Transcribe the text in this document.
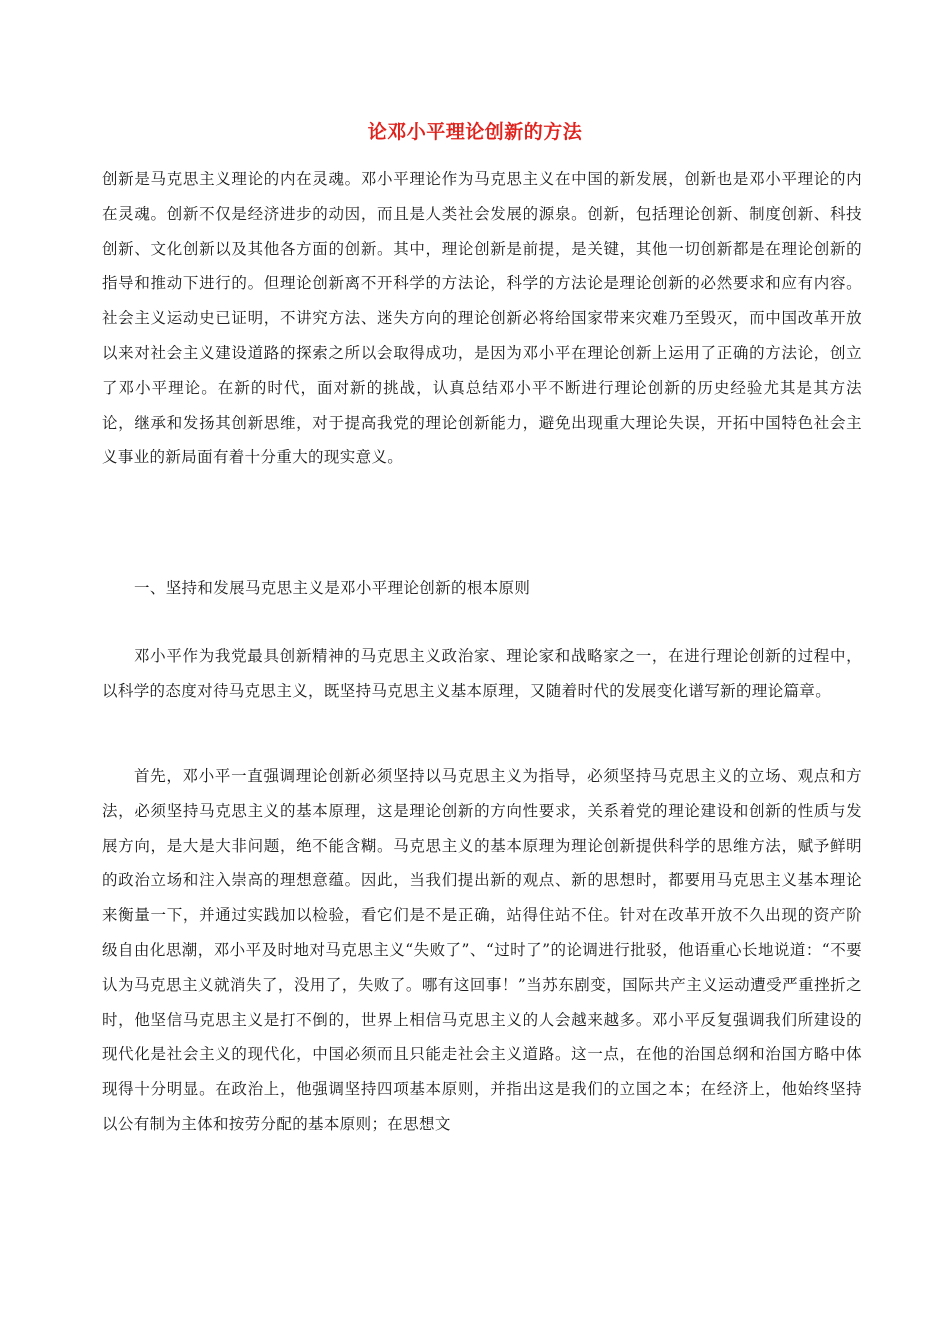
论邓小平理论创新的方法
创新是马克思主义理论的内在灵魂。邓小平理论作为马克思主义在中国的新发展，创新也是邓小平理论的内在灵魂。创新不仅是经济进步的动因，而且是人类社会发展的源泉。创新，包括理论创新、制度创新、科技创新、文化创新以及其他各方面的创新。其中，理论创新是前提，是关键，其他一切创新都是在理论创新的指导和推动下进行的。但理论创新离不开科学的方法论，科学的方法论是理论创新的必然要求和应有内容。社会主义运动史已证明，不讲究方法、迷失方向的理论创新必将给国家带来灾难乃至毁灭，而中国改革开放以来对社会主义建设道路的探索之所以会取得成功，是因为邓小平在理论创新上运用了正确的方法论，创立了邓小平理论。在新的时代，面对新的挑战，认真总结邓小平不断进行理论创新的历史经验尤其是其方法论，继承和发扬其创新思维，对于提高我党的理论创新能力，避免出现重大理论失误，开拓中国特色社会主义事业的新局面有着十分重大的现实意义。
一、坚持和发展马克思主义是邓小平理论创新的根本原则
邓小平作为我党最具创新精神的马克思主义政治家、理论家和战略家之一，在进行理论创新的过程中，以科学的态度对待马克思主义，既坚持马克思主义基本原理，又随着时代的发展变化谱写新的理论篇章。
首先，邓小平一直强调理论创新必须坚持以马克思主义为指导，必须坚持马克思主义的立场、观点和方法，必须坚持马克思主义的基本原理，这是理论创新的方向性要求，关系着党的理论建设和创新的性质与发展方向，是大是大非问题，绝不能含糊。马克思主义的基本原理为理论创新提供科学的思维方法，赋予鲜明的政治立场和注入崇高的理想意蕴。因此，当我们提出新的观点、新的思想时，都要用马克思主义基本理论来衡量一下，并通过实践加以检验，看它们是不是正确，站得住站不住。针对在改革开放不久出现的资产阶级自由化思潮，邓小平及时地对马克思主义“失败了”、“过时了”的论调进行批驳，他语重心长地说道：“不要认为马克思主义就消失了，没用了，失败了。哪有这回事！”当苏东剧变，国际共产主义运动遭受严重挫折之时，他坚信马克思主义是打不倒的，世界上相信马克思主义的人会越来越多。邓小平反复强调我们所建设的现代化是社会主义的现代化，中国必须而且只能走社会主义道路。这一点，在他的治国总纲和治国方略中体现得十分明显。在政治上，他强调坚持四项基本原则，并指出这是我们的立国之本；在经济上，他始终坚持以公有制为主体和按劳分配的基本原则；在思想文
